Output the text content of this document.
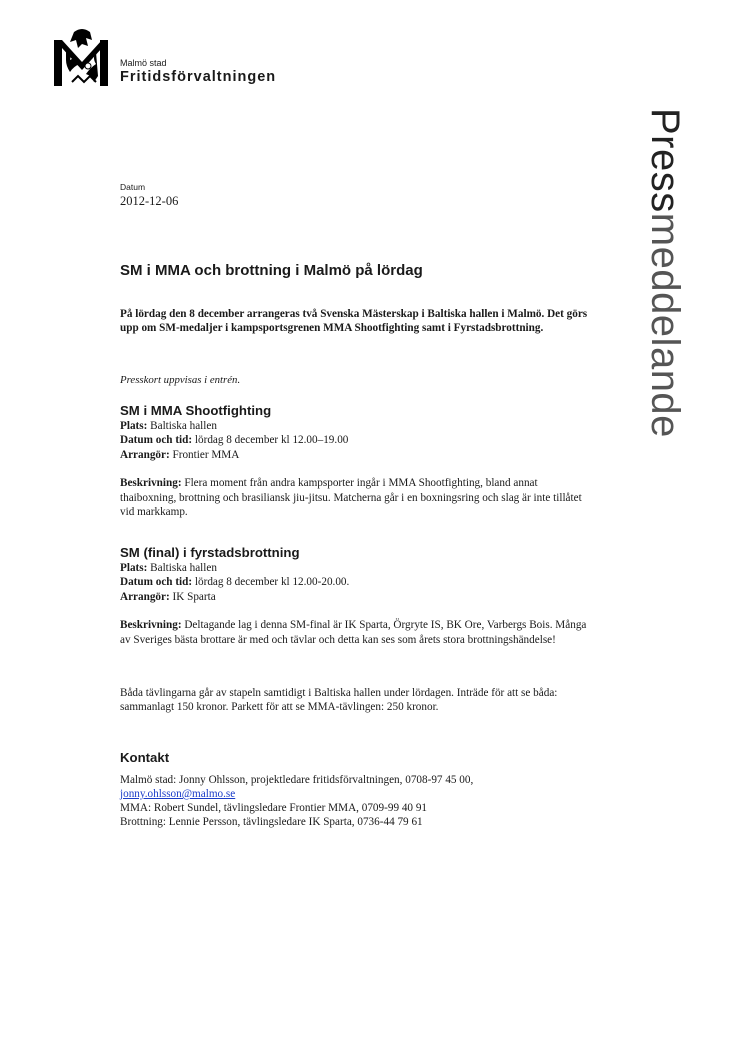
Malmö stad
Fritidsförvaltningen
Pressmeddelande
Datum
2012-12-06
SM i MMA och brottning i Malmö på lördag

På lördag den 8 december arrangeras två Svenska Mästerskap i Baltiska hallen i Malmö. Det görs upp om SM-medaljer i kampsportsgrenen MMA Shootfighting samt i Fyrstadsbrottning.

Presskort uppvisas i entrén.

SM i MMA Shootfighting
Plats: Baltiska hallen
Datum och tid: lördag 8 december kl 12.00–19.00
Arrangör: Frontier MMA

Beskrivning: Flera moment från andra kampsporter ingår i MMA Shootfighting, bland annat thaiboxning, brottning och brasiliansk jiu-jitsu. Matcherna går i en boxningsring och slag är inte tillåtet vid markkamp.

SM (final) i fyrstadsbrottning
Plats: Baltiska hallen
Datum och tid: lördag 8 december kl 12.00-20.00.
Arrangör: IK Sparta

Beskrivning: Deltagande lag i denna SM-final är IK Sparta, Örgryte IS, BK Ore, Varbergs Bois. Många av Sveriges bästa brottare är med och tävlar och detta kan ses som årets stora brottningshändelse!

Båda tävlingarna går av stapeln samtidigt i Baltiska hallen under lördagen. Inträde för att se båda: sammanlagt 150 kronor. Parkett för att se MMA-tävlingen: 250 kronor.

Kontakt
Malmö stad: Jonny Ohlsson, projektledare fritidsförvaltningen, 0708-97 45 00,
jonny.ohlsson@malmo.se
MMA: Robert Sundel, tävlingsledare Frontier MMA, 0709-99 40 91
Brottning: Lennie Persson, tävlingsledare IK Sparta, 0736-44 79 61
